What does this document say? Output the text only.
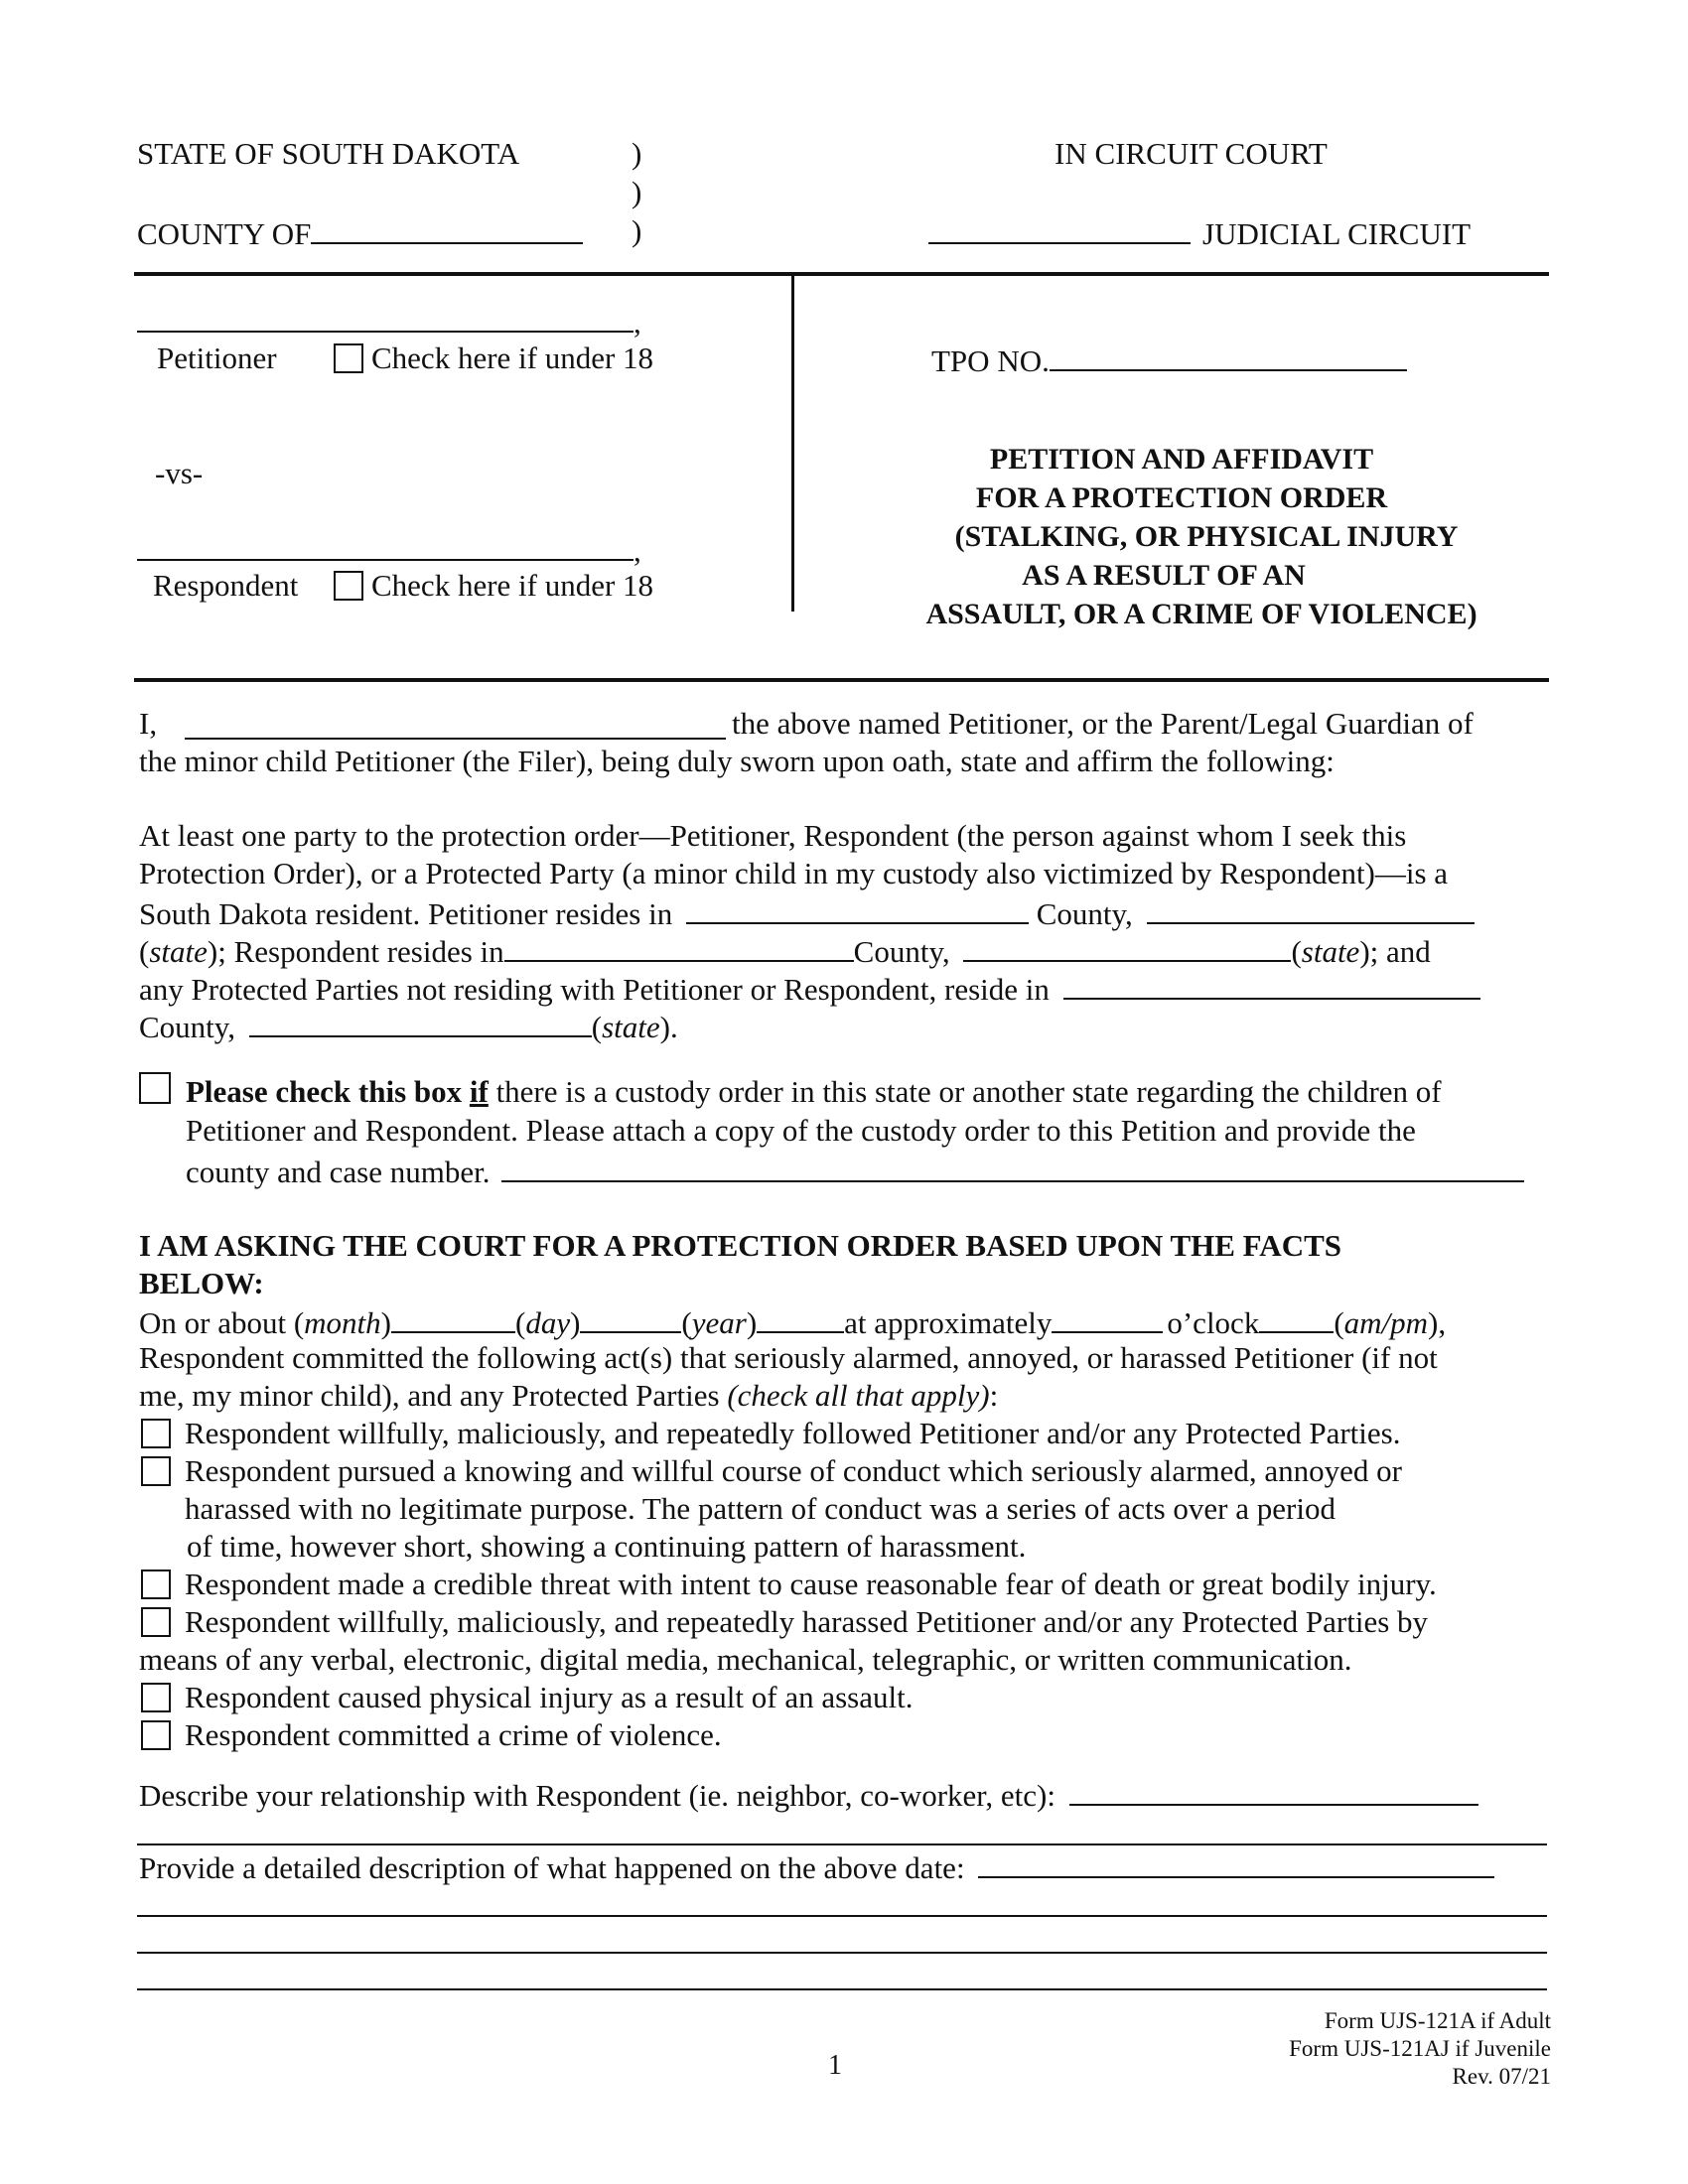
STATE OF SOUTH DAKOTA	)
)
)
COUNTY OF
IN CIRCUIT COURT
JUDICIAL CIRCUIT
,
Petitioner	Check here if under 18
-vs-
,
Respondent	Check here if under 18
TPO NO.
PETITION AND AFFIDAVIT
FOR A PROTECTION ORDER
(STALKING, OR PHYSICAL INJURY
AS A RESULT OF AN
ASSAULT, OR A CRIME OF VIOLENCE)
I,	the above named Petitioner, or the Parent/Legal Guardian of
the minor child Petitioner (the Filer), being duly sworn upon oath, state and affirm the following:
At least one party to the protection order—Petitioner, Respondent (the person against whom I seek this
Protection Order), or a Protected Party (a minor child in my custody also victimized by Respondent)—is a
South Dakota resident. Petitioner resides in	County,
(state); Respondent resides in	County,	(state); and
any Protected Parties not residing with Petitioner or Respondent, reside in
County,	(state).
Please check this box if there is a custody order in this state or another state regarding the children of
Petitioner and Respondent. Please attach a copy of the custody order to this Petition and provide the
county and case number.
I AM ASKING THE COURT FOR A PROTECTION ORDER BASED UPON THE FACTS
BELOW:
On or about (month)	(day)	(year)	at approximately	o’clock (am/pm),
Respondent committed the following act(s) that seriously alarmed, annoyed, or harassed Petitioner (if not
me, my minor child), and any Protected Parties (check all that apply):
Respondent willfully, maliciously, and repeatedly followed Petitioner and/or any Protected Parties.
Respondent pursued a knowing and willful course of conduct which seriously alarmed, annoyed or
harassed with no legitimate purpose. The pattern of conduct was a series of acts over a period
of time, however short, showing a continuing pattern of harassment.
Respondent made a credible threat with intent to cause reasonable fear of death or great bodily injury.
Respondent willfully, maliciously, and repeatedly harassed Petitioner and/or any Protected Parties by
means of any verbal, electronic, digital media, mechanical, telegraphic, or written communication.
Respondent caused physical injury as a result of an assault.
Respondent committed a crime of violence.
Describe your relationship with Respondent (ie. neighbor, co-worker, etc):
Provide a detailed description of what happened on the above date:
1
Form UJS-121A if Adult
Form UJS-121AJ if Juvenile
Rev. 07/21
